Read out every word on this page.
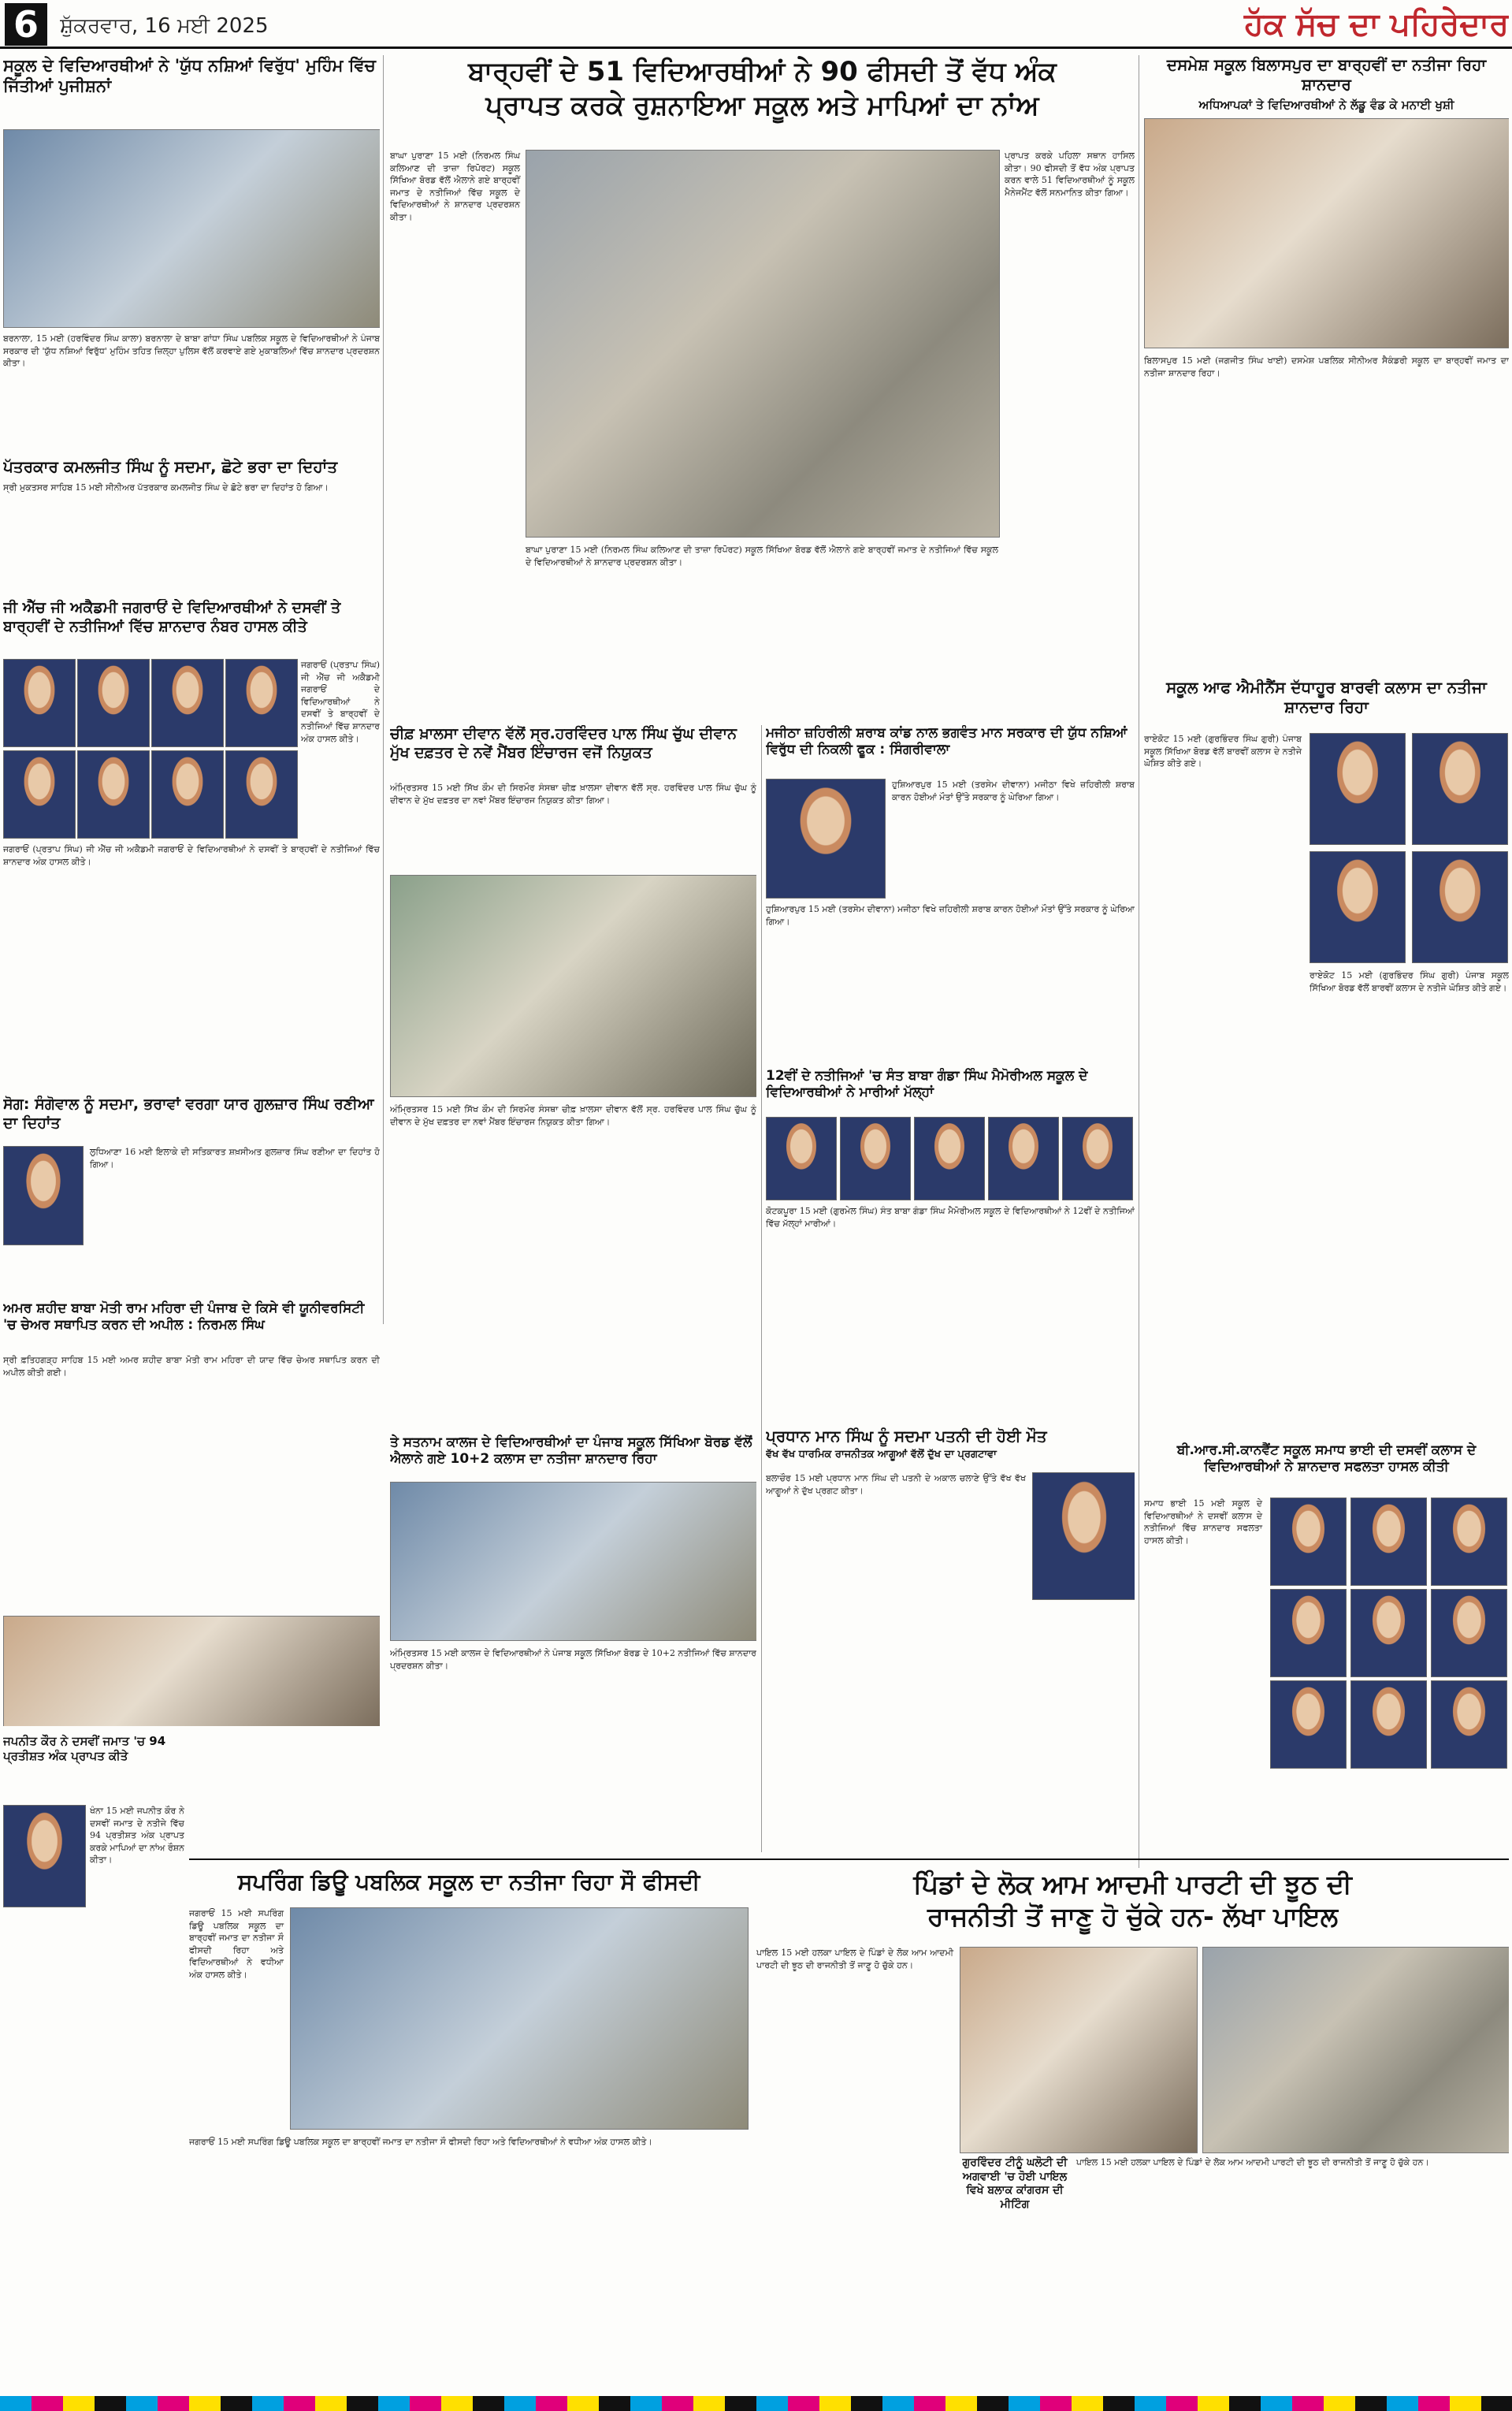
6	ਸ਼ੁੱਕਰਵਾਰ, 16 ਮਈ 2025	ਹੱਕ ਸੱਚ ਦਾ ਪਹਿਰੇਦਾਰ
ਸਕੂਲ ਦੇ ਵਿਦਿਆਰਥੀਆਂ ਨੇ 'ਯੁੱਧ ਨਸ਼ਿਆਂ ਵਿਰੁੱਧ' ਮੁਹਿੰਮ ਵਿੱਚ ਜਿੱਤੀਆਂ ਪੁਜੀਸ਼ਨਾਂ
ਬਰਨਾਲਾ, 15 ਮਈ (ਹਰਵਿੰਦਰ ਸਿੰਘ ਕਾਲਾ) ਬਰਨਾਲਾ ਦੇ ਬਾਬਾ ਗਾਂਧਾ ਸਿੰਘ ਪਬਲਿਕ ਸਕੂਲ ਦੇ ਵਿਦਿਆਰਥੀਆਂ ਨੇ ਪੰਜਾਬ ਸਰਕਾਰ ਦੀ 'ਯੁੱਧ ਨਸ਼ਿਆਂ ਵਿਰੁੱਧ' ਮੁਹਿੰਮ ਤਹਿਤ ਜ਼ਿਲ੍ਹਾ ਪੁਲਿਸ ਵੱਲੋਂ ਕਰਵਾਏ ਗਏ ਮੁਕਾਬਲਿਆਂ ਵਿੱਚ ਸ਼ਾਨਦਾਰ ਪ੍ਰਦਰਸ਼ਨ ਕੀਤਾ।
ਪੱਤਰਕਾਰ ਕਮਲਜੀਤ ਸਿੰਘ ਨੂੰ ਸਦਮਾ, ਛੋਟੇ ਭਰਾ ਦਾ ਦਿਹਾਂਤ
ਸ੍ਰੀ ਮੁਕਤਸਰ ਸਾਹਿਬ 15 ਮਈ ਸੀਨੀਅਰ ਪੱਤਰਕਾਰ ਕਮਲਜੀਤ ਸਿੰਘ ਦੇ ਛੋਟੇ ਭਰਾ ਦਾ ਦਿਹਾਂਤ ਹੋ ਗਿਆ।
ਜੀ ਐੱਚ ਜੀ ਅਕੈਡਮੀ ਜਗਰਾਓਂ ਦੇ ਵਿਦਿਆਰਥੀਆਂ ਨੇ ਦਸਵੀਂ ਤੇ ਬਾਰ੍ਹਵੀਂ ਦੇ ਨਤੀਜਿਆਂ ਵਿੱਚ ਸ਼ਾਨਦਾਰ ਨੰਬਰ ਹਾਸਲ ਕੀਤੇ
ਜਗਰਾਓਂ (ਪ੍ਰਤਾਪ ਸਿੰਘ) ਜੀ ਐੱਚ ਜੀ ਅਕੈਡਮੀ ਜਗਰਾਓਂ ਦੇ ਵਿਦਿਆਰਥੀਆਂ ਨੇ ਦਸਵੀਂ ਤੇ ਬਾਰ੍ਹਵੀਂ ਦੇ ਨਤੀਜਿਆਂ ਵਿੱਚ ਸ਼ਾਨਦਾਰ ਅੰਕ ਹਾਸਲ ਕੀਤੇ।
ਜਗਰਾਓਂ (ਪ੍ਰਤਾਪ ਸਿੰਘ) ਜੀ ਐੱਚ ਜੀ ਅਕੈਡਮੀ ਜਗਰਾਓਂ ਦੇ ਵਿਦਿਆਰਥੀਆਂ ਨੇ ਦਸਵੀਂ ਤੇ ਬਾਰ੍ਹਵੀਂ ਦੇ ਨਤੀਜਿਆਂ ਵਿੱਚ ਸ਼ਾਨਦਾਰ ਅੰਕ ਹਾਸਲ ਕੀਤੇ।
ਸੋਗ: ਸੰਗੋਵਾਲ ਨੂੰ ਸਦਮਾ, ਭਰਾਵਾਂ ਵਰਗਾ ਯਾਰ ਗੁਲਜ਼ਾਰ ਸਿੰਘ ਰਣੀਆ ਦਾ ਦਿਹਾਂਤ
ਲੁਧਿਆਣਾ 16 ਮਈ ਇਲਾਕੇ ਦੀ ਸਤਿਕਾਰਤ ਸ਼ਖ਼ਸੀਅਤ ਗੁਲਜ਼ਾਰ ਸਿੰਘ ਰਣੀਆ ਦਾ ਦਿਹਾਂਤ ਹੋ ਗਿਆ।
ਅਮਰ ਸ਼ਹੀਦ ਬਾਬਾ ਮੋਤੀ ਰਾਮ ਮਹਿਰਾ ਦੀ ਪੰਜਾਬ ਦੇ ਕਿਸੇ ਵੀ ਯੂਨੀਵਰਸਿਟੀ 'ਚ ਚੇਅਰ ਸਥਾਪਿਤ ਕਰਨ ਦੀ ਅਪੀਲ : ਨਿਰਮਲ ਸਿੰਘ
ਸ੍ਰੀ ਫ਼ਤਿਹਗੜ੍ਹ ਸਾਹਿਬ 15 ਮਈ ਅਮਰ ਸ਼ਹੀਦ ਬਾਬਾ ਮੋਤੀ ਰਾਮ ਮਹਿਰਾ ਦੀ ਯਾਦ ਵਿੱਚ ਚੇਅਰ ਸਥਾਪਿਤ ਕਰਨ ਦੀ ਅਪੀਲ ਕੀਤੀ ਗਈ।
ਜਪਨੀਤ ਕੌਰ ਨੇ ਦਸਵੀਂ ਜਮਾਤ 'ਚ 94 ਪ੍ਰਤੀਸ਼ਤ ਅੰਕ ਪ੍ਰਾਪਤ ਕੀਤੇ
ਖੰਨਾ 15 ਮਈ ਜਪਨੀਤ ਕੌਰ ਨੇ ਦਸਵੀਂ ਜਮਾਤ ਦੇ ਨਤੀਜੇ ਵਿੱਚ 94 ਪ੍ਰਤੀਸ਼ਤ ਅੰਕ ਪ੍ਰਾਪਤ ਕਰਕੇ ਮਾਪਿਆਂ ਦਾ ਨਾਂਅ ਰੌਸ਼ਨ ਕੀਤਾ।
ਬਾਰ੍ਹਵੀਂ ਦੇ 51 ਵਿਦਿਆਰਥੀਆਂ ਨੇ 90 ਫੀਸਦੀ ਤੋਂ ਵੱਧ ਅੰਕ
ਪ੍ਰਾਪਤ ਕਰਕੇ ਰੁਸ਼ਨਾਇਆ ਸਕੂਲ ਅਤੇ ਮਾਪਿਆਂ ਦਾ ਨਾਂਅ
ਬਾਘਾ ਪੁਰਾਣਾ 15 ਮਈ (ਨਿਰਮਲ ਸਿੰਘ ਕਲਿਆਣ ਦੀ ਤਾਜ਼ਾ ਰਿਪੋਰਟ) ਸਕੂਲ ਸਿੱਖਿਆ ਬੋਰਡ ਵੱਲੋਂ ਐਲਾਨੇ ਗਏ ਬਾਰ੍ਹਵੀਂ ਜਮਾਤ ਦੇ ਨਤੀਜਿਆਂ ਵਿੱਚ ਸਕੂਲ ਦੇ ਵਿਦਿਆਰਥੀਆਂ ਨੇ ਸ਼ਾਨਦਾਰ ਪ੍ਰਦਰਸ਼ਨ ਕੀਤਾ।
ਪ੍ਰਾਪਤ ਕਰਕੇ ਪਹਿਲਾ ਸਥਾਨ ਹਾਸਿਲ ਕੀਤਾ। 90 ਫੀਸਦੀ ਤੋਂ ਵੱਧ ਅੰਕ ਪ੍ਰਾਪਤ ਕਰਨ ਵਾਲੇ 51 ਵਿਦਿਆਰਥੀਆਂ ਨੂੰ ਸਕੂਲ ਮੈਨੇਜਮੈਂਟ ਵੱਲੋਂ ਸਨਮਾਨਿਤ ਕੀਤਾ ਗਿਆ।
ਬਾਘਾ ਪੁਰਾਣਾ 15 ਮਈ (ਨਿਰਮਲ ਸਿੰਘ ਕਲਿਆਣ ਦੀ ਤਾਜ਼ਾ ਰਿਪੋਰਟ) ਸਕੂਲ ਸਿੱਖਿਆ ਬੋਰਡ ਵੱਲੋਂ ਐਲਾਨੇ ਗਏ ਬਾਰ੍ਹਵੀਂ ਜਮਾਤ ਦੇ ਨਤੀਜਿਆਂ ਵਿੱਚ ਸਕੂਲ ਦੇ ਵਿਦਿਆਰਥੀਆਂ ਨੇ ਸ਼ਾਨਦਾਰ ਪ੍ਰਦਰਸ਼ਨ ਕੀਤਾ।
ਦਸਮੇਸ਼ ਸਕੂਲ ਬਿਲਾਸਪੁਰ ਦਾ ਬਾਰ੍ਹਵੀਂ ਦਾ ਨਤੀਜਾ ਰਿਹਾ ਸ਼ਾਨਦਾਰ
ਅਧਿਆਪਕਾਂ ਤੇ ਵਿਦਿਆਰਥੀਆਂ ਨੇ ਲੱਡੂ ਵੰਡ ਕੇ ਮਨਾਈ ਖੁਸ਼ੀ
ਬਿਲਾਸਪੁਰ 15 ਮਈ (ਜਗਜੀਤ ਸਿੰਘ ਖਾਈ) ਦਸਮੇਸ਼ ਪਬਲਿਕ ਸੀਨੀਅਰ ਸੈਕੰਡਰੀ ਸਕੂਲ ਦਾ ਬਾਰ੍ਹਵੀਂ ਜਮਾਤ ਦਾ ਨਤੀਜਾ ਸ਼ਾਨਦਾਰ ਰਿਹਾ।
ਸਕੂਲ ਆਫ ਐਮੀਨੈਂਸ ਦੱਧਾਹੂਰ ਬਾਰਵੀ ਕਲਾਸ ਦਾ ਨਤੀਜਾ ਸ਼ਾਨਦਾਰ ਰਿਹਾ
ਰਾਏਕੋਟ 15 ਮਈ (ਗੁਰਭਿੰਦਰ ਸਿੰਘ ਗੁਰੀ) ਪੰਜਾਬ ਸਕੂਲ ਸਿੱਖਿਆ ਬੋਰਡ ਵੱਲੋਂ ਬਾਰਵੀਂ ਕਲਾਸ ਦੇ ਨਤੀਜੇ ਘੋਸ਼ਿਤ ਕੀਤੇ ਗਏ।
ਰਾਏਕੋਟ 15 ਮਈ (ਗੁਰਭਿੰਦਰ ਸਿੰਘ ਗੁਰੀ) ਪੰਜਾਬ ਸਕੂਲ ਸਿੱਖਿਆ ਬੋਰਡ ਵੱਲੋਂ ਬਾਰਵੀਂ ਕਲਾਸ ਦੇ ਨਤੀਜੇ ਘੋਸ਼ਿਤ ਕੀਤੇ ਗਏ।
ਬੀ.ਆਰ.ਸੀ.ਕਾਨਵੈਂਟ ਸਕੂਲ ਸਮਾਧ ਭਾਈ ਦੀ ਦਸਵੀਂ ਕਲਾਸ ਦੇ ਵਿਦਿਆਰਥੀਆਂ ਨੇ ਸ਼ਾਨਦਾਰ ਸਫਲਤਾ ਹਾਸਲ ਕੀਤੀ
ਸਮਾਧ ਭਾਈ 15 ਮਈ ਸਕੂਲ ਦੇ ਵਿਦਿਆਰਥੀਆਂ ਨੇ ਦਸਵੀਂ ਕਲਾਸ ਦੇ ਨਤੀਜਿਆਂ ਵਿੱਚ ਸ਼ਾਨਦਾਰ ਸਫਲਤਾ ਹਾਸਲ ਕੀਤੀ।
ਚੀਫ਼ ਖ਼ਾਲਸਾ ਦੀਵਾਨ ਵੱਲੋਂ ਸ੍ਰ.ਹਰਵਿੰਦਰ ਪਾਲ ਸਿੰਘ ਚੁੱਘ ਦੀਵਾਨ ਮੁੱਖ ਦਫ਼ਤਰ ਦੇ ਨਵੇਂ ਮੈਂਬਰ ਇੰਚਾਰਜ ਵਜੋਂ ਨਿਯੁਕਤ
ਅੰਮ੍ਰਿਤਸਰ 15 ਮਈ ਸਿੱਖ ਕੌਮ ਦੀ ਸਿਰਮੌਰ ਸੰਸਥਾ ਚੀਫ਼ ਖ਼ਾਲਸਾ ਦੀਵਾਨ ਵੱਲੋਂ ਸ੍ਰ. ਹਰਵਿੰਦਰ ਪਾਲ ਸਿੰਘ ਚੁੱਘ ਨੂੰ ਦੀਵਾਨ ਦੇ ਮੁੱਖ ਦਫ਼ਤਰ ਦਾ ਨਵਾਂ ਮੈਂਬਰ ਇੰਚਾਰਜ ਨਿਯੁਕਤ ਕੀਤਾ ਗਿਆ।
ਅੰਮ੍ਰਿਤਸਰ 15 ਮਈ ਸਿੱਖ ਕੌਮ ਦੀ ਸਿਰਮੌਰ ਸੰਸਥਾ ਚੀਫ਼ ਖ਼ਾਲਸਾ ਦੀਵਾਨ ਵੱਲੋਂ ਸ੍ਰ. ਹਰਵਿੰਦਰ ਪਾਲ ਸਿੰਘ ਚੁੱਘ ਨੂੰ ਦੀਵਾਨ ਦੇ ਮੁੱਖ ਦਫ਼ਤਰ ਦਾ ਨਵਾਂ ਮੈਂਬਰ ਇੰਚਾਰਜ ਨਿਯੁਕਤ ਕੀਤਾ ਗਿਆ।
ਤੇ ਸਤਨਾਮ ਕਾਲਜ ਦੇ ਵਿਦਿਆਰਥੀਆਂ ਦਾ ਪੰਜਾਬ ਸਕੂਲ ਸਿੱਖਿਆ ਬੋਰਡ ਵੱਲੋਂ ਐਲਾਨੇ ਗਏ 10+2 ਕਲਾਸ ਦਾ ਨਤੀਜਾ ਸ਼ਾਨਦਾਰ ਰਿਹਾ
ਅੰਮ੍ਰਿਤਸਰ 15 ਮਈ ਕਾਲਜ ਦੇ ਵਿਦਿਆਰਥੀਆਂ ਨੇ ਪੰਜਾਬ ਸਕੂਲ ਸਿੱਖਿਆ ਬੋਰਡ ਦੇ 10+2 ਨਤੀਜਿਆਂ ਵਿੱਚ ਸ਼ਾਨਦਾਰ ਪ੍ਰਦਰਸ਼ਨ ਕੀਤਾ।
ਮਜੀਠਾ ਜ਼ਹਿਰੀਲੀ ਸ਼ਰਾਬ ਕਾਂਡ ਨਾਲ ਭਗਵੰਤ ਮਾਨ ਸਰਕਾਰ ਦੀ ਯੁੱਧ ਨਸ਼ਿਆਂ ਵਿਰੁੱਧ ਦੀ ਨਿਕਲੀ ਫੂਕ : ਸਿੰਗਰੀਵਾਲਾ
ਹੁਸ਼ਿਆਰਪੁਰ 15 ਮਈ (ਤਰਸੇਮ ਦੀਵਾਨਾ) ਮਜੀਠਾ ਵਿਖੇ ਜ਼ਹਿਰੀਲੀ ਸ਼ਰਾਬ ਕਾਰਨ ਹੋਈਆਂ ਮੌਤਾਂ ਉੱਤੇ ਸਰਕਾਰ ਨੂੰ ਘੇਰਿਆ ਗਿਆ।
ਹੁਸ਼ਿਆਰਪੁਰ 15 ਮਈ (ਤਰਸੇਮ ਦੀਵਾਨਾ) ਮਜੀਠਾ ਵਿਖੇ ਜ਼ਹਿਰੀਲੀ ਸ਼ਰਾਬ ਕਾਰਨ ਹੋਈਆਂ ਮੌਤਾਂ ਉੱਤੇ ਸਰਕਾਰ ਨੂੰ ਘੇਰਿਆ ਗਿਆ।
12ਵੀਂ ਦੇ ਨਤੀਜਿਆਂ 'ਚ ਸੰਤ ਬਾਬਾ ਗੰਡਾ ਸਿੰਘ ਮੈਮੋਰੀਅਲ ਸਕੂਲ ਦੇ ਵਿਦਿਆਰਥੀਆਂ ਨੇ ਮਾਰੀਆਂ ਮੱਲ੍ਹਾਂ
ਕੋਟਕਪੂਰਾ 15 ਮਈ (ਗੁਰਮੇਲ ਸਿੰਘ) ਸੰਤ ਬਾਬਾ ਗੰਡਾ ਸਿੰਘ ਮੈਮੋਰੀਅਲ ਸਕੂਲ ਦੇ ਵਿਦਿਆਰਥੀਆਂ ਨੇ 12ਵੀਂ ਦੇ ਨਤੀਜਿਆਂ ਵਿੱਚ ਮੱਲ੍ਹਾਂ ਮਾਰੀਆਂ।
ਪ੍ਰਧਾਨ ਮਾਨ ਸਿੰਘ ਨੂੰ ਸਦਮਾ ਪਤਨੀ ਦੀ ਹੋਈ ਮੌਤ
ਵੱਖ ਵੱਖ ਧਾਰਮਿਕ ਰਾਜਨੀਤਕ ਆਗੂਆਂ ਵੱਲੋਂ ਦੁੱਖ ਦਾ ਪ੍ਰਗਟਾਵਾ
ਬਲਾਚੌਰ 15 ਮਈ ਪ੍ਰਧਾਨ ਮਾਨ ਸਿੰਘ ਦੀ ਪਤਨੀ ਦੇ ਅਕਾਲ ਚਲਾਣੇ ਉੱਤੇ ਵੱਖ ਵੱਖ ਆਗੂਆਂ ਨੇ ਦੁੱਖ ਪ੍ਰਗਟ ਕੀਤਾ।
ਸਪਰਿੰਗ ਡਿਊ ਪਬਲਿਕ ਸਕੂਲ ਦਾ ਨਤੀਜਾ ਰਿਹਾ ਸੌ ਫੀਸਦੀ
ਜਗਰਾਓਂ 15 ਮਈ ਸਪਰਿੰਗ ਡਿਊ ਪਬਲਿਕ ਸਕੂਲ ਦਾ ਬਾਰ੍ਹਵੀਂ ਜਮਾਤ ਦਾ ਨਤੀਜਾ ਸੌ ਫੀਸਦੀ ਰਿਹਾ ਅਤੇ ਵਿਦਿਆਰਥੀਆਂ ਨੇ ਵਧੀਆ ਅੰਕ ਹਾਸਲ ਕੀਤੇ।
ਜਗਰਾਓਂ 15 ਮਈ ਸਪਰਿੰਗ ਡਿਊ ਪਬਲਿਕ ਸਕੂਲ ਦਾ ਬਾਰ੍ਹਵੀਂ ਜਮਾਤ ਦਾ ਨਤੀਜਾ ਸੌ ਫੀਸਦੀ ਰਿਹਾ ਅਤੇ ਵਿਦਿਆਰਥੀਆਂ ਨੇ ਵਧੀਆ ਅੰਕ ਹਾਸਲ ਕੀਤੇ।
ਪਿੰਡਾਂ ਦੇ ਲੋਕ ਆਮ ਆਦਮੀ ਪਾਰਟੀ ਦੀ ਝੂਠ ਦੀ
ਰਾਜਨੀਤੀ ਤੋਂ ਜਾਣੂ ਹੋ ਚੁੱਕੇ ਹਨ- ਲੱਖਾ ਪਾਇਲ
ਪਾਇਲ 15 ਮਈ ਹਲਕਾ ਪਾਇਲ ਦੇ ਪਿੰਡਾਂ ਦੇ ਲੋਕ ਆਮ ਆਦਮੀ ਪਾਰਟੀ ਦੀ ਝੂਠ ਦੀ ਰਾਜਨੀਤੀ ਤੋਂ ਜਾਣੂ ਹੋ ਚੁੱਕੇ ਹਨ।
ਗੁਰਵਿੰਦਰ ਟੀਨੂੰ ਘਲੋਟੀ ਦੀ ਅਗਵਾਈ 'ਚ ਹੋਈ ਪਾਇਲ ਵਿਖੇ ਬਲਾਕ ਕਾਂਗਰਸ ਦੀ ਮੀਟਿੰਗ
ਪਾਇਲ 15 ਮਈ ਹਲਕਾ ਪਾਇਲ ਦੇ ਪਿੰਡਾਂ ਦੇ ਲੋਕ ਆਮ ਆਦਮੀ ਪਾਰਟੀ ਦੀ ਝੂਠ ਦੀ ਰਾਜਨੀਤੀ ਤੋਂ ਜਾਣੂ ਹੋ ਚੁੱਕੇ ਹਨ।
